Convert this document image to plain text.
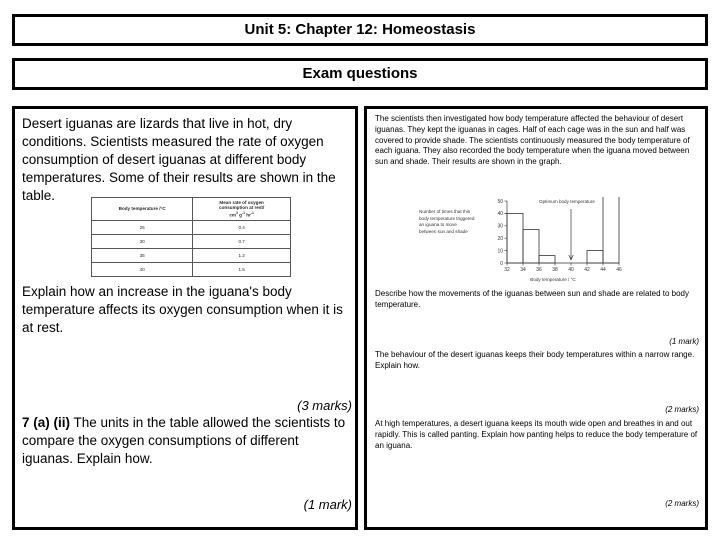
Unit 5: Chapter 12: Homeostasis
Exam questions
Desert iguanas are lizards that live in hot, dry conditions. Scientists measured the rate of oxygen consumption of desert iguanas at different body temperatures. Some of their results are shown in the table.
Body temperature /°C	Mean rate of oxygen
consumption at rest/
$cm^3$ $g^{-1}$ $hr^{-1}$
25	0.4
30	0.7
35	1.2
40	1.5
Explain how an increase in the iguana's body temperature affects its oxygen consumption when it is at rest.
(3 marks)
7 (a) (ii) The units in the table allowed the scientists to compare the oxygen consumptions of different iguanas. Explain how.
(1 mark)
The scientists then investigated how body temperature affected the behaviour of desert iguanas. They kept the iguanas in cages. Half of each cage was in the sun and half was covered to provide shade. The scientists continuously measured the body temperature of each iguana. They also recorded the body temperature when the iguana moved between sun and shade. Their results are shown in the graph.
Number of times that this body temperature triggered an iguana to move between sun and shade
Optimum body temperature
0
10
20
30
40
50
32 34 36 38 40 42 44 46
Body temperature / °C
Describe how the movements of the iguanas between sun and shade are related to body temperature.
(1 mark)
The behaviour of the desert iguanas keeps their body temperatures within a narrow range. Explain how.
(2 marks)
At high temperatures, a desert iguana keeps its mouth wide open and breathes in and out rapidly. This is called panting. Explain how panting helps to reduce the body temperature of an iguana.
(2 marks)
